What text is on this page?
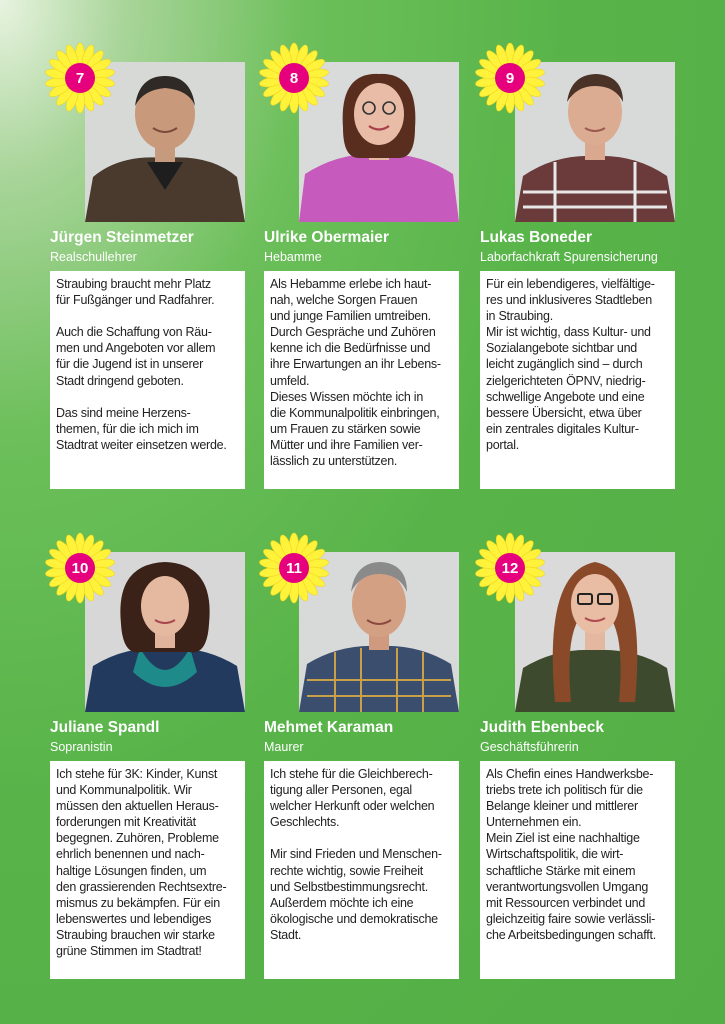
7
Jürgen Steinmetzer
Realschullehrer
Straubing braucht mehr Platz
für Fußgänger und Radfahrer.

Auch die Schaffung von Räu-
men und Angeboten vor allem
für die Jugend ist in unserer
Stadt dringend geboten.

Das sind meine Herzens-
themen, für die ich mich im
Stadtrat weiter einsetzen werde.
8
Ulrike Obermaier
Hebamme
Als Hebamme erlebe ich haut-
nah, welche Sorgen Frauen
und junge Familien umtreiben.
Durch Gespräche und Zuhören
kenne ich die Bedürfnisse und
ihre Erwartungen an ihr Lebens-
umfeld.
Dieses Wissen möchte ich in
die Kommunalpolitik einbringen,
um Frauen zu stärken sowie
Mütter und ihre Familien ver-
lässlich zu unterstützen.
9
Lukas Boneder
Laborfachkraft Spurensicherung
Für ein lebendigeres, vielfältige-
res und inklusiveres Stadtleben
in Straubing.
Mir ist wichtig, dass Kultur- und
Sozialangebote sichtbar und
leicht zugänglich sind – durch
zielgerichteten ÖPNV, niedrig-
schwellige Angebote und eine
bessere Übersicht, etwa über
ein zentrales digitales Kultur-
portal.
10
Juliane Spandl
Sopranistin
Ich stehe für 3K: Kinder, Kunst
und Kommunalpolitik. Wir
müssen den aktuellen Heraus-
forderungen mit Kreativität
begegnen. Zuhören, Probleme
ehrlich benennen und nach-
haltige Lösungen finden, um
den grassierenden Rechtsextre-
mismus zu bekämpfen. Für ein
lebenswertes und lebendiges
Straubing brauchen wir starke
grüne Stimmen im Stadtrat!
11
Mehmet Karaman
Maurer
Ich stehe für die Gleichberech-
tigung aller Personen, egal
welcher Herkunft oder welchen
Geschlechts.

Mir sind Frieden und Menschen-
rechte wichtig, sowie Freiheit
und Selbstbestimmungsrecht.
Außerdem möchte ich eine
ökologische und demokratische
Stadt.
12
Judith Ebenbeck
Geschäftsführerin
Als Chefin eines Handwerksbe-
triebs trete ich politisch für die
Belange kleiner und mittlerer
Unternehmen ein.
Mein Ziel ist eine nachhaltige
Wirtschaftspolitik, die wirt-
schaftliche Stärke mit einem
verantwortungsvollen Umgang
mit Ressourcen verbindet und
gleichzeitig faire sowie verlässli-
che Arbeitsbedingungen schafft.
